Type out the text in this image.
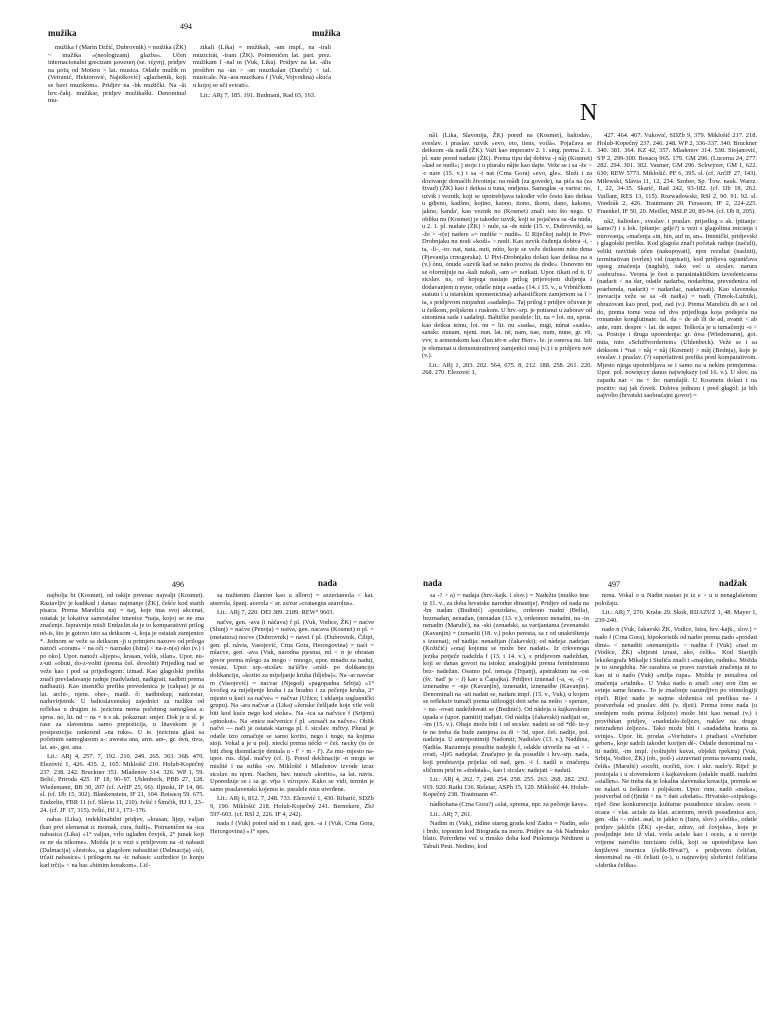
mužika
494
mužika

mužika f (Marin Držić, Dubrovnik) = mužika (ŽK) ~ mužika »(neologizam) glazba«. Učen internacionalni grecizam μουσική (se. τέχνη), pridjev na μοῦς od Μοῦσα > lat. musica. Odatle mužik m (Vetranić, Hektorović, Naješković) »glazbenik, koji se bavi muzikom«. Pridjev na -bk mužički. Na -ăi hrv.-čakj. mužikar, pridjev mužikaški. Denominal mu-

zikali (Lika) = mužikali, -am impf., na -irali muzicirāt, -iram (ŽK). Poimeničen lat. part. prez. mužikam f -nal m (Vuk, Lika). Pridjev na lat. -ālis prošiřen na -ān > -an muzikalan (Dančić) < tal. musicale. Na -ara muzikara f (Vuk, Vojvodina) »kuća u kojoj se uči svirati«.

Lit.: ARj 7, 185. 191. Budmani, Rad 65, 163.

N

nȁ1 (Lika, Slavonija, ŽK) poređ na (Kosmet), baltodav., sveslav. i praslav. uzvik »evo, eto, tiens, voilà«. Pojačava se deiksom -da nadȁ (ŽK). Važi kao imperativ 2. 1. sing. prema 2. 1. pl. nate pored nadate (ŽK). Prema tipu daj dobiva -j nȁj (Kosmet) »kad se nudi«; j stoje i u pluralu nȁjte kao dajte. Veže se i sa -že > -r nare (15. v.) i sa -t nat (Crna Gora) »evo, gle«. Služi i za dozivanje domaćih životinja: na mȁđi (za govede), na pića na (za živad) (ŽK) kao i deiksa u tuna, ondjena. Samoglas -a varira: no, uzvik i veznik, koji se upotrebljava također vrlo često kao deiksa u gđjeno, kadšno, kojino, kaono, ttono, tkono, dano, kakono, jakno, kanda', kao veznik no (Kosmet) znači isto što nego. U obliku nu (Kosmet) je također uzvik, koji se pojačava sa -da nuda, u 2. 1. pl. nudate (ŽK) > nule, sa -de núde (15. v., Dubrovnik), sa -že > -r(e) nadere »= nudiše ~ nudit«. U Riječkoj nahiji te Pivi-Drobnjaku nu nodi »kodi« > nodi. Kao uzvik čuđenja dobiva -t, -ta, -li-, -to: nat, nata, nuti, núto, koje se veže deiksom núto dena (Pjevanija crnogorska). U Pivi-Drobnjaku dolazi kao deiksa na a (v.) ònu, ònude »uzvik kad se neko poziva da dođe«. Osnovno nu se oformljuje na -kali nukali, -am »= nutkati. Upor. tikati od ti. U stcslav. ns, od kojega nastaje prilog prijevojem duljenja i dodavanjem n nyne, odatle ninja »sada« (14. i 15. v., u Vrbničkom statutu i u istarskim spomenicima) arhaističkom zamjenom sa ĭ > ia, s pridjevom ninjashni »sadašnji«. Taj prilog i pridjev očuvan je u češkom, poljskom i ruskom. U hrv.-srp. je potisnut u zaborav od sinonima sada i sadašnji. Baltičke paralele: lit. na = lot. nu, sprus. kao deiksa teinu, lot. nu = lit. nu »sada«, nugi, núnai »sada«, sanskr. nunam, njem. nun. lat. nē, nam, nae, num, nune, gr. νῦ, vvv, u armenskom kao člun tër-n »der Herr«. Ie. je osnova nu. Isti je elemenat u demonstrativnoj zamjenici onaj (v.) i u pridjevu nov (v.).

Lit.: ARj 1, 203. 202. 564, 675. 8, 212. 188. 258. 261. 220. 268. 270. Elezović 1,

427. 464. 467. Vuković, SDZb 9, 379. Miklošič 217. 218. Holub-Kopečný 237. 246. 248. WP 2, 336-337. 340. Bruckner 340. 381. 364. KZ 42, 357. Mladenov 314. 538. Stojanović, S'P 2, 299-300. Bosacq 965. 179. GM 296. (Lucerna 24, 277. 282. 294. 301. 302. Vasmer, GM 296. Schwyzer, GM 1, 622. 630; REW 5773. Miklošič. PF 6, 395. sl. (cf. ArčIF 27, 143). Miłewski, Slávia 11, 12, 234. Szober, Sp. Ťow. nauk. Warsz. 1, 22, 34-35. Skarić, Rad 242, 93-182. (cf. IJb 18, 262. Vaillant, RES 13, 115). Rozwadowski, RSl 2, 90. 91. 92. sl. Vondrák 2, 426. Trautmann 20. Ferasson, IF 2, 224-225. Fraenkel, IF 50, 20. Meillet, MSLP 20, 89-94. (cf. IJb 8, 205).

nȁ2, baltodav., sveslav. i praslav. prijedlog s ak. (pitanje: kamo?) i s lok. (pitanje: gdje?) u vezi s glagolima micanja i mirovanja, »mačenja »in, hin, auf m, an«. Imenički, pridjevski i glagolski prefiks. Kod glagola znači početak radnje (načuli), veliki razvitak učen (nakupovati), njen rezultat (nasluti), terminativan (svrlen) vid (napisati), kod pridjeva ograničava opseg značenja (naglub), tako već u stcslav. narura »subrufus«. Veoma je čest u parasintaktičkim izvedenicama (nadarit < na dar, odatle nadarba, nodarbina, prevedenica od praebenda, nadarit) = nadarilac, nadarivati). Kao slavenska inovacija veže se sa -dt nad(a) = nadi (Timok-Lužnik), obrazovan kao pred, pod, zad (v.). Prema Mareliću db se i od do, prema tome veza od dva prijedloga koja podsjeća na romanske konglutinate: tal. da < de ab ili de ad, avanti < ab ante, rum. despre < lat. de super. Teškoća je u tumačenju -o > -a. Postoje i druga uporedenja: gr. ἀνω (Wiedemann), got. nuta, nito »Schiffvordertein« (Uhlenbeck). Veže se i sa deiksom i *nai > nȁj = nȁj (Kosmet) > mȁj (Bednja), koje je sveslav. i praslav. (?) superlativni prefiks pred komparativom. Mjesto njega upotrebljava se i samo na u nekim primjerima. Upor. pol. nowięccy danus największy (od 16. v.). U slov. na zapadu nar < na + že: narmlajši. U Kosmetu dolazi i na pozitiv: naj jak čovek. Dobiva jednom i pred glagol: ja bih najvolio (hrvatski saobraćajni govor) =

496	nada

najbolja bi (Kosmet), od rakije prvenac najvalji (Kosmet). Rastavljiv je kadikad i danas: najmanje (ŽK), češće kod starih pisaca. Prema Mareliću naj = naj, koje ima svoj akcenat, ostatak je lokativa samostalne imenice *naja, kojoj se ne zna značenje. Ispravnije misli Endzelin da je to komparativni prilog nō-is, što je gotovo isto sa deiksom -i, koja je ostatak zamjenice *. Jednom se veže sa deiksom -ji u primjeru nazuvo od priloga nazoči «coram» < na oči ~ naznako (Istra) < na-z-n(a) oko (v.) i po oko]. Upor. nanoči »lijepo«, krasan, velik, silan«. Upor. nu-z-uti »obuti, do-z-voliti (prema češ. dovoliti) Prijedlog nad se veže kao i pod sa prijedlogom: izmad. Kao glagolski prefiks znači prevladavanje radnje (nadvladati, nadigrati, nadbiti prema nadbauti). Kao imenički prefiks prevedenica je (calque) je za lat. archi-, njem. ober-, madž. ő: nadbiskup, nadcestar, naduvirjetnik. U baltoslavenskoj zajednici za razliku od refleksa u drugim ie. jezicima nema početnog samoglasa a: sprus. no, lit. nd ~ na = n s ak. pokaznat: smjer. Dok je u sl. je rase za slavenima samo prepozicija, u litavskom je i postpozicija: rankosnd »na ruke«. U ie. jezicima glasi sa početnim samoglasom a-: awesta ana, arm. am-, gr. ἀνά, ἀνω, lat. an-, got. ana.

Lit.: ARj 4, 257. 7, 192. 210. 249. 265. 363. 368. 470. Elezović 1, 426. 435. 2, 165. Miklošič 210. Holub-Kopečný 237. 238. 242. Bruckner 351. Mladenov 314. 326. WP 1, 59. Belić, Priroda 425. JF 18, 96–97. Uhlenbeck, PBB 27, 128. Wiedemann, BB 30, 207 (cf. ArčIF 25, 66). Iljinski, IF 14, 86. sl. (cf. IJb 15, 302). Blankenstein, IF 21, 104. Boisacq 59. 675. Endzelin, FBR 11 (cf. Slávia 11, 210). Ivšić i Šimčik, HJ 1, 23–24. (cf. JF 17, 315). Ivšić, HJ 1, 173–176.

nabas (Lika), indeklinabilni pridjev, »krasan, lijep, valjan (kao prvi elemenat u: momak, cura, fudi)«. Poimeničen na -ica nabasica (Lika) »1° valjan, vrlo uglađen čovjek, 2° junak koji se ne da nikome«. Možda je u vezi s pridjevom na -it nabasit (Dalmacija) »žestok«, sa glagolom nabasitise (Dalmacija) »ići, trčati nabasice« i prilogom na -ic nabasic »uzbrdice (o konju kad trči)« < na bas »bitnim korakom«. Lič-

sa tražtenim članom kao u alloro) = azzeriamola < kat. atserola, španj. acerola < ar. zu'rur »crataegus azarolus«.

Lit.: ARj 7, 220. DEI 389. 2189. REW° 9603.

načve, gen. -ava (i nàčava) f pl. (Vuk, Vodice, ŽK) = naćve (Slunj) = naćve (Penoja) = naiva, gen. nacava (Kosmet) n pl. = (metateza) nocve (Dubrovnik) = navei f pl. (Dubrovnik, Čilipi, gen. pl. nàvia, Vasojević, Crna Gora, Hercegovina) = naći = mlaćve, gen. -ava (Vuk, narodna pjesma, ml < n je obratan govor prema mlogo za mogo < mnogo, upor. mnadu za nadu), vesiau. Upor. srp.-stcslav. na'tȁ'hv »mld- po dolikanciju dolikanciju, »korito za mijeljanje kruha (hljeba)«. Na -ar navćar m (Vasojević) = nacvar (Njegoš) »pagopadna Srbija) »1° kvočeg za mijeljenje kruha i za bradno i za pečenje kruha, 2° mjesto u kući za načve« = načvar (Užice; i uklanja suglasnički grupu). Na -ara načvar a (Lika) »ženske češljade koje vile voli biti kod kuće nego kod stoke«. Na -ica sa načvice f (Srijem) »ptnokot«. Na -enice načvenice f pl. »nosači za načve«. Oblik načvi — nači je ostatak staroga pl. f. stcslav. mčtvy. Plural je odatle izto označuje se samo korito, nego i noge, na kojima stoji. Vokal a je u polj. niecki prema nécki = češ. necky (to će biti zbog disimilacije dentala n - f' > m - f'). Za mu- mjesto na- upor. rus. dijal. mačvy (cf. ĭ). Pored deklinacije -n mogu se mislité i na sufiks -ov. Miklošič i Mladenov izvode izraz stcslav. ns njem. Nachen, bav. nuesch »korito«, sa lat. nāvis. Uporediuje se i sa gr. νῆω i νέπτρον. Kako se vidi, termin je samo praslavenski kojemu ie. paralele nisu utvrđene.

Lit.: ARj 6, 812. 7, 248. 733. Elezović 1, 430. Ribarić, SDZb 9, 190. Miklošič 218. Holub-Kopečný 241. Bernekere, ZbJ 597-603. (cf. RSl 2, 226. IF 4, 242).

nada f (Vuk) pored nád m i nad, gen. -a f (Vuk, Crna Gora, Hercegovina) »1° spes,

nada	497	nadžak

sa -? > a) = nadaja (hrv.-kajk. i slov.) = Nadežta (muško ime iz 11. v., za doba hrvatske narodne dinastije). Pridjev od nada na -bn nadan (Budinić) »pouzdan«, ordeono nadni (Bella), bezmadan, nenadan, (nenadan (13. v.), ordeonoo nenadni, na -in nenadin (Marulić), na -ski (zenadski, sa varijantama (zvenanski (Kavanjin) = (zenaršti (18. v.) poko peresta, sa r od unakrištenja s izuenat), od nàdija: nenadijan (čakavski); od nàdeja: nadejan (Kožičić) »onaj kojemu se može bez nadati«. Iz crkvenoga jezika potječe nadežda f (13. i 14. v.), s pridjevom nadeždan, koji se danas govori na istoku; analogijski prema femininumu bez- nadežan. Osamo pol. nenaja (Trpanj), apstraktum na -ost (šv. 'nad' je > f) kao u Čapajka). Pridjevi iznenad (-a, -e, -i) = iznenadne = -nje (Kavanjin), iznenatki, iznenadbe (Kavanjin). Denominali na -ati nadati se, nadam impf. (15. v., Vuk), u kojem se refleksiv tumači prema utiloogiji deti sebe na nešto > sperare, > na- -ovati nadeždovati se (Budinić). Od nàdeja u kajkavskom upada e (upor. pamtiti) nadjati. Od nàdija (čakavski) nadijati se, -im (15. v.). Obaje može biti i od stcslav. nadeti se od *dě- te-y te ne treba da bude zamjena za di > 3d, upor. češ. nadije, pol. nadzieja. U antroponimiji Nadomir, Nadislav (13. v.), Nadihna, Nadiša. Razumuju posudite nadejde f, odakle utvorile na -at < -ovati, -JjiG nadejdat. Značajno je da posudile i hrv.-srp. nada, koji predstavija prijelaz od nad, gen. -i f. nadil u značenju sličnom prid m »dodatak«, kao i stcslav. nadejati > nadati.

Lit.: ARj 4, 262. 7, 248. 254. 258. 255. 263. 268. 282. 292. 919. 920. Raiki 136. Reletar, ASPh 15, 120. Miklošič 44. Holub-Kopečný 238. Trautmann 47.

nàdbohana (Crna Gora?) »slat, sprema, npr. za pečenje kave«.

Lit.: ARj 7, 261.

Nadim m (Vuk), zidine starog grada kod Zadra = Nadin, selo i brdo, toponim kod Biograda na moru. Pridjev na -bk Nadinsko blato. Potvrđeno već u rimsko doba kod Ptolomeja Nēdinon u Tabuli Peut. Nedino, kod

nona. Vokal o u Nadin nastao je iz e > u u nenaglašenom položaju.

Lit.: ARj 7, 270. Krahe 29. Skok, RIJAZUZ 1, 48. Mayer 1, 239-240.

nado n (Vuk, čakavski ŽK, Vodice, Istra, hrv.-kajk., slov.) = nado f (Crna Gora), hipokoristik od nadio prema nado »prodati dimi« < nenaditi »nenamijeti« > nadita f (Vuk) »nad m (Vodice, ŽK) »bijesni izrast, ako, ćelik«. Kod Starijih leksikografa Mikalje i Stulića znači i »majdan, rudnik«. Možda je to sinegdoha. Ne razabira se pravo razvitak značenja ni to kao ni u nado (Vuk) »milja rupa«. Možda je metafora od značenja »rudnik«. U Vuka nado n znači »nej eon čim se svinje same hrane«. To je značenje razumljivo po etimologiji riječi. Riječ nado je najme složenica od prefiksa na- i postverbala od praslav. dēti (v. djeti). Prema tome nada (u srednjem rodu prema željezo) može biti kao nenad (v.) i provibitan pridjev, »nadodalo-željezo, naklav na drugo neizrađeno željezo«. Tako može biti i »nadadeha hrana za svinje«. Upor. lit. prodas »Vorfutter« i pradiaoi »Vorfutter geben«, koje sadrži također korijen dě-. Odatle denominal na -iti nadiṫi, -im impf. (voltujebi kuvat, objekti rpekiru) (Vuk, Srbija, Vodice, ŽK) (ob., pod-) »izravnati prema novamu nadu, čelik« (Marulić) »ocelit, ocečiti, ćov. i ukr. nado'y. Riječ je postojala i u slovenskom i kajkavskom (odakle madž. nadolni »stallen«. Ne treba da je lokalna slavenska kreacija, premda se ne nalazi u češkom i poljskom. Upor. rum. nadō »meka«, postverbal od (f)ndàt < na + dati »dodati«. Hrvatsko-»zipskog« riječ čine konkurenciju kulturne posuđenice stcslav. oceis > ocaea < vlat. aciale za klat. acierium, novih posuđenica aco, gen. -đla <- mlet. asal, te jakko n (Istra, slov.) »ćelik«, odatle pridjev jakličn (ŽK) »je-dar, zdrav, od čovjeka«, koje je posljednje isto tž vlat. vrela aciale kao i oceis, a u novije vrijeme naročito turcizam ćelik, koji se upotrebljava kao književni imenica (ćelik-Hrvat?), s pridjevom čeličan, denominal na -iti čeliati (o-), u najnovijoj složenici čeličana »fabrika čelika«.
